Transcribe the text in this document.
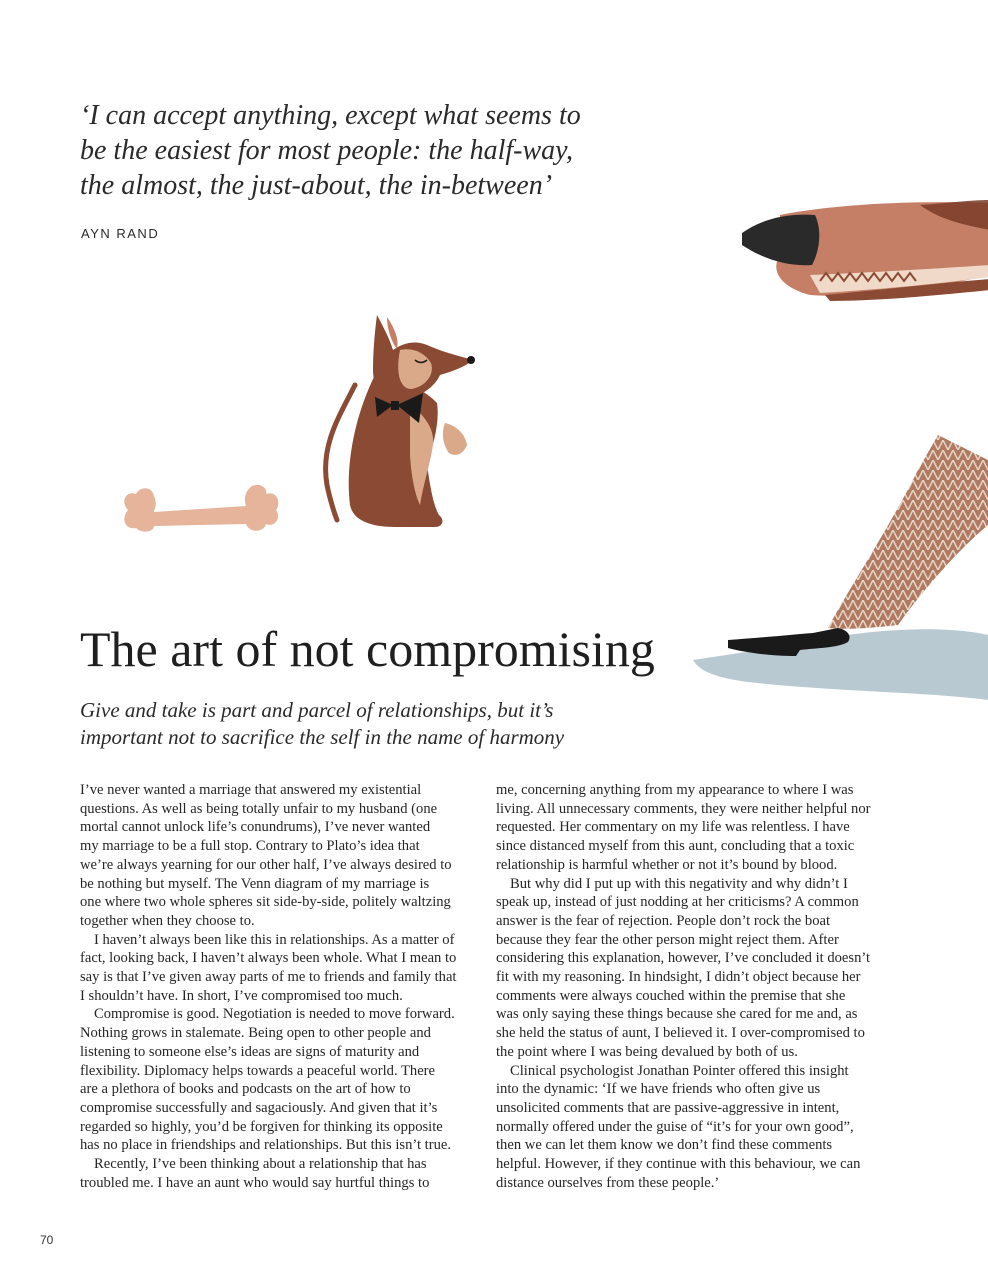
‘I can accept anything, except what seems to
be the easiest for most people: the half-way,
the almost, the just-about, the in-between’
AYN RAND
The art of not compromising

Give and take is part and parcel of relationships, but it’s
important not to sacrifice the self in the name of harmony

I’ve never wanted a marriage that answered my existential
questions. As well as being totally unfair to my husband (one
mortal cannot unlock life’s conundrums), I’ve never wanted
my marriage to be a full stop. Contrary to Plato’s idea that
we’re always yearning for our other half, I’ve always desired to
be nothing but myself. The Venn diagram of my marriage is
one where two whole spheres sit side-by-side, politely waltzing
together when they choose to.
I haven’t always been like this in relationships. As a matter of
fact, looking back, I haven’t always been whole. What I mean to
say is that I’ve given away parts of me to friends and family that
I shouldn’t have. In short, I’ve compromised too much.
Compromise is good. Negotiation is needed to move forward.
Nothing grows in stalemate. Being open to other people and
listening to someone else’s ideas are signs of maturity and
flexibility. Diplomacy helps towards a peaceful world. There
are a plethora of books and podcasts on the art of how to
compromise successfully and sagaciously. And given that it’s
regarded so highly, you’d be forgiven for thinking its opposite
has no place in friendships and relationships. But this isn’t true.
Recently, I’ve been thinking about a relationship that has
troubled me. I have an aunt who would say hurtful things to
me, concerning anything from my appearance to where I was
living. All unnecessary comments, they were neither helpful nor
requested. Her commentary on my life was relentless. I have
since distanced myself from this aunt, concluding that a toxic
relationship is harmful whether or not it’s bound by blood.
But why did I put up with this negativity and why didn’t I
speak up, instead of just nodding at her criticisms? A common
answer is the fear of rejection. People don’t rock the boat
because they fear the other person might reject them. After
considering this explanation, however, I’ve concluded it doesn’t
fit with my reasoning. In hindsight, I didn’t object because her
comments were always couched within the premise that she
was only saying these things because she cared for me and, as
she held the status of aunt, I believed it. I over-compromised to
the point where I was being devalued by both of us.
Clinical psychologist Jonathan Pointer offered this insight
into the dynamic: ‘If we have friends who often give us
unsolicited comments that are passive-aggressive in intent,
normally offered under the guise of “it’s for your own good”,
then we can let them know we don’t find these comments
helpful. However, if they continue with this behaviour, we can
distance ourselves from these people.’
70
